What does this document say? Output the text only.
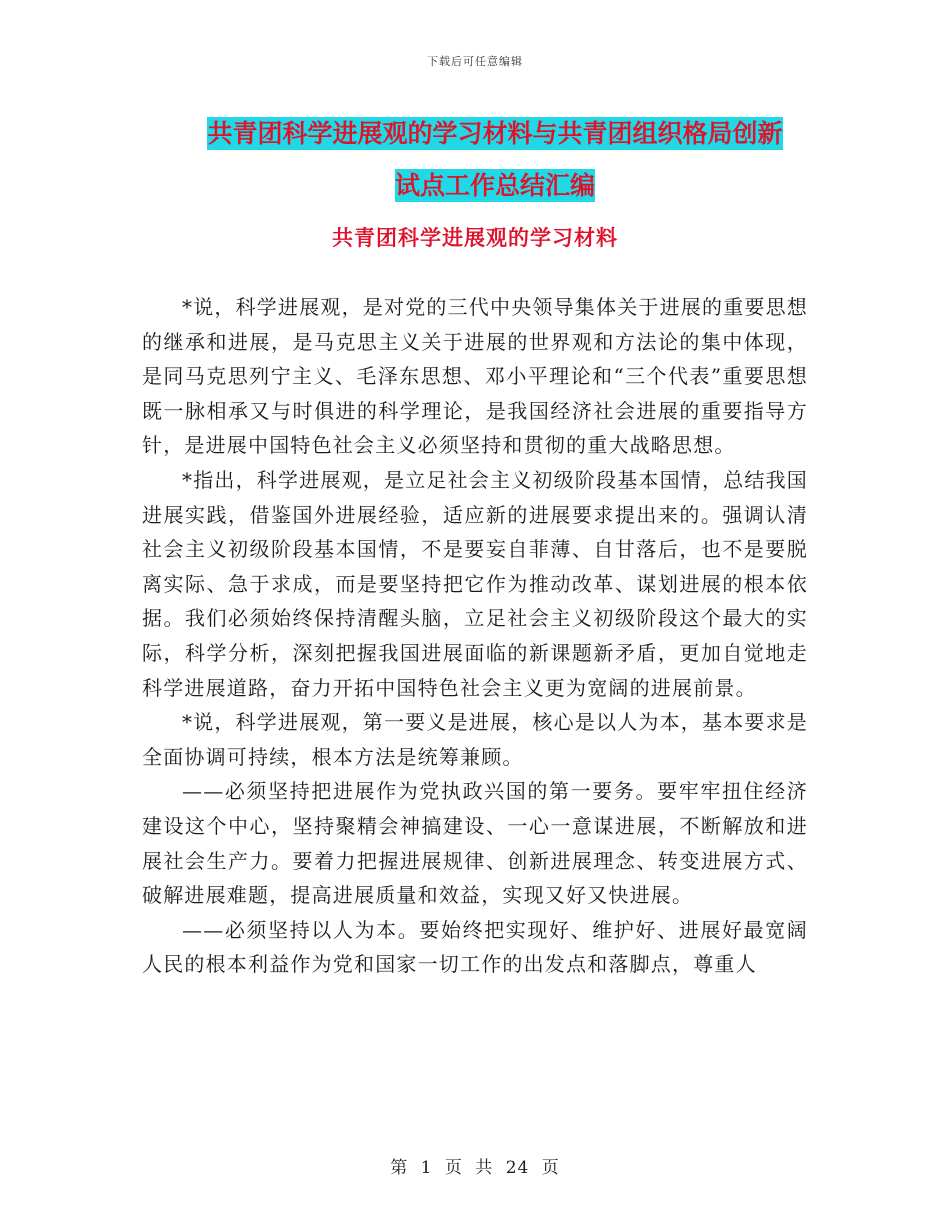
下载后可任意编辑
共青团科学进展观的学习材料与共青团组织格局创新
试点工作总结汇编
共青团科学进展观的学习材料

*说，科学进展观，是对党的三代中央领导集体关于进展的重要思想的继承和进展，是马克思主义关于进展的世界观和方法论的集中体现，是同马克思列宁主义、毛泽东思想、邓小平理论和“三个代表”重要思想既一脉相承又与时俱进的科学理论，是我国经济社会进展的重要指导方针，是进展中国特色社会主义必须坚持和贯彻的重大战略思想。

*指出，科学进展观，是立足社会主义初级阶段基本国情，总结我国进展实践，借鉴国外进展经验，适应新的进展要求提出来的。强调认清社会主义初级阶段基本国情，不是要妄自菲薄、自甘落后，也不是要脱离实际、急于求成，而是要坚持把它作为推动改革、谋划进展的根本依据。我们必须始终保持清醒头脑，立足社会主义初级阶段这个最大的实际，科学分析，深刻把握我国进展面临的新课题新矛盾，更加自觉地走科学进展道路，奋力开拓中国特色社会主义更为宽阔的进展前景。

*说，科学进展观，第一要义是进展，核心是以人为本，基本要求是全面协调可持续，根本方法是统筹兼顾。

——必须坚持把进展作为党执政兴国的第一要务。要牢牢扭住经济建设这个中心，坚持聚精会神搞建设、一心一意谋进展，不断解放和进展社会生产力。要着力把握进展规律、创新进展理念、转变进展方式、破解进展难题，提高进展质量和效益，实现又好又快进展。

——必须坚持以人为本。要始终把实现好、维护好、进展好最宽阔人民的根本利益作为党和国家一切工作的出发点和落脚点，尊重人

第 1 页 共 24 页
